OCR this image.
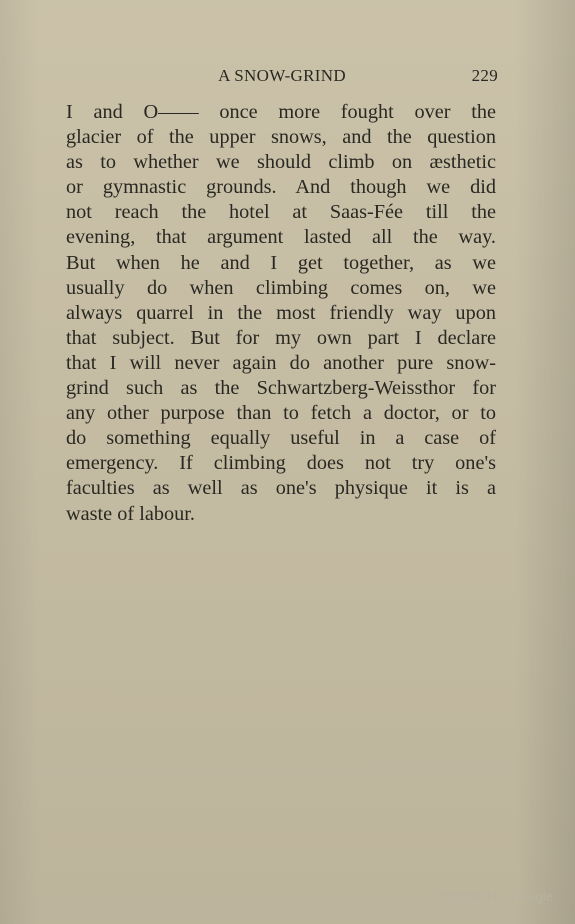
A SNOW-GRIND	229
I and O—— once more fought over the
glacier of the upper snows, and the question
as to whether we should climb on æsthetic
or gymnastic grounds. And though we did
not reach the hotel at Saas-Fée till the
evening, that argument lasted all the way.
But when he and I get together, as we
usually do when climbing comes on, we
always quarrel in the most friendly way upon
that subject. But for my own part I declare
that I will never again do another pure snow-
grind such as the Schwartzberg-Weissthor for
any other purpose than to fetch a doctor, or to
do something equally useful in a case of
emergency. If climbing does not try one's
faculties as well as one's physique it is a
waste of labour.
Digitized by Google
